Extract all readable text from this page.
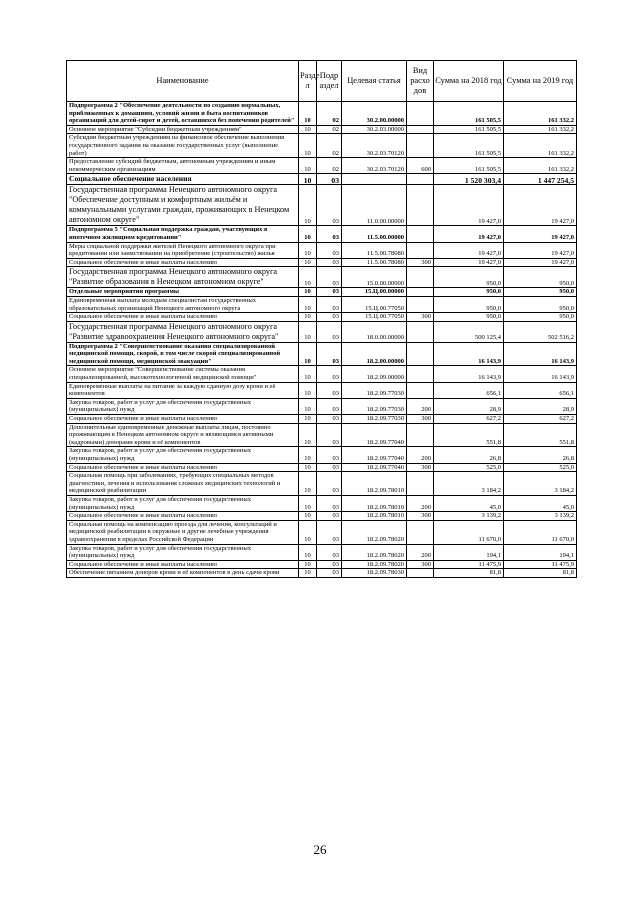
Наименование	Разде л	Подр аздел	Целевая статья	Вид расхо дов	Сумма на 2018 год	Сумма на 2019 год
Подпрограмма 2 "Обеспечение деятельности по созданию нормальных, приближенных к домашним, условий жизни и быта воспитанников организаций для детей-сирот и детей, оставшихся без попечения родителей"	10	02	30.2.00.00000		161 505,5	161 332,2
Основное мероприятие "Субсидии бюджетным учреждениям"	10	02	30.2.03.00000		161 505,5	161 332,2
Субсидии бюджетным учреждениям на финансовое обеспечение выполнения государственного задания на оказание государственных услуг (выполнение работ)	10	02	30.2.03.70120		161 505,5	161 332,2
Предоставление субсидий бюджетным, автономным учреждениям и иным некоммерческим организациям	10	02	30.2.03.70120	600	161 505,5	161 332,2
Социальное обеспечение населения	10	03			1 520 303,4	1 447 254,5
Государственная программа Ненецкого автономного округа "Обеспечение доступным и комфортным жильём и коммунальными услугами граждан, проживающих в Ненецком автономном округе"	10	03	11.0.00.00000		19 427,0	19 427,0
Подпрограмма 5 "Социальная поддержка граждан, участвующих в ипотечном жилищном кредитовании"	10	03	11.5.00.00000		19 427,0	19 427,0
Меры социальной поддержки жителей Ненецкого автономного округа при кредитовании или заимствовании на приобретение (строительство) жилья	10	03	11.5.00.78080		19 427,0	19 427,0
Социальное обеспечение и иные выплаты населению	10	03	11.5.00.78080	300	19 427,0	19 427,0
Государственная программа Ненецкого автономного округа "Развитие образования в Ненецком автономном округе"	10	03	15.0.00.00000		950,0	950,0
Отдельные мероприятия программы	10	03	15.Ц.00.00000		950,0	950,0
Единовременная выплата молодым специалистам государственных образовательных организаций Ненецкого автономного округа	10	03	15.Ц.00.77050		950,0	950,0
Социальное обеспечение и иные выплаты населению	10	03	15.Ц.00.77050	300	950,0	950,0
Государственная программа Ненецкого автономного округа "Развитие здравоохранения Ненецкого автономного округа"	10	03	18.0.00.00000		500 125,4	502 516,2
Подпрограмма 2 "Совершенствование оказания специализированной медицинской помощи, скорой, в том числе скорой специализированной медицинской помощи, медицинской эвакуации"	10	03	18.2.00.00000		16 143,9	16 143,9
Основное мероприятие "Совершенствование системы оказания специализированной, высокотехнологичной медицинской помощи"	10	03	18.2.09.00000		16 143,9	16 143,9
Единовременные выплаты на питание за каждую сданную дозу крови и её компонентов	10	03	18.2.09.77030		656,1	656,1
Закупка товаров, работ и услуг для обеспечения государственных (муниципальных) нужд	10	03	18.2.09.77030	200	28,9	28,9
Социальное обеспечение и иные выплаты населению	10	03	18.2.09.77030	300	627,2	627,2
Дополнительные единовременные денежные выплаты лицам, постоянно проживающим в Ненецком автономном округе и являющимся активными (кадровыми) донорами крови и её компонентов	10	03	18.2.09.77040		551,8	551,8
Закупка товаров, работ и услуг для обеспечения государственных (муниципальных) нужд	10	03	18.2.09.77040	200	26,8	26,8
Социальное обеспечение и иные выплаты населению	10	03	18.2.09.77040	300	525,0	525,0
Социальная помощь при заболеваниях, требующих специальных методов диагностики, лечения и использования сложных медицинских технологий и медицинской реабилитации	10	03	18.2.09.78010		3 184,2	3 184,2
Закупка товаров, работ и услуг для обеспечения государственных (муниципальных) нужд	10	03	18.2.09.78010	200	45,0	45,0
Социальное обеспечение и иные выплаты населению	10	03	18.2.09.78010	300	3 139,2	3 139,2
Социальная помощь на компенсацию проезда для лечения, консультаций и медицинской реабилитации в окружные и другие лечебные учреждения здравоохранения в пределах Российской Федерации	10	03	18.2.09.78020		11 670,0	11 670,0
Закупка товаров, работ и услуг для обеспечения государственных (муниципальных) нужд	10	03	18.2.09.78020	200	194,1	194,1
Социальное обеспечение и иные выплаты населению	10	03	18.2.09.78020	300	11 475,9	11 475,9
Обеспечение питанием доноров крови и её компонентов в день сдачи крови	10	03	18.2.09.78030		81,8	81,8
26
